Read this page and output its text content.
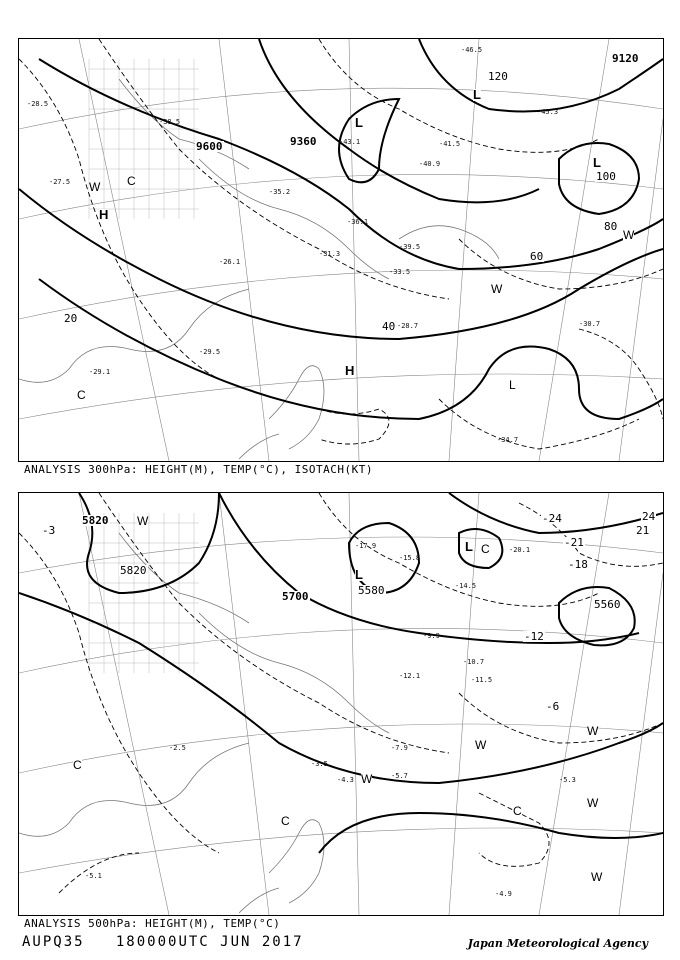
9600	9360
9120
20
40
60
80
100
120
H
H
L
L
L
C
W
W
W
C
L
-28.5
-27.5
-26.1
-29.1
-31.3
-36.1
-40.9
-41.5
-46.5
-45.3
-33.5
-30.7
-28.7
-34.7
-39.5
-43.1
-35.2
-29.5
-38.5
ANALYSIS 300hPa: HEIGHT(M), TEMP(°C), ISOTACH(KT)
5820
5820
5700	5580
5560
-3
-6
-12
-18
-21
-24
21
24
W
L
C
L
C
W
W
W
C
C
W
W
-5.3
-11.5
-15.8
-14.5
-17.9	-20.1
-5.7
-4.3
-3.5
-2.5
-4.9
-5.1
-10.7
-9.9
-7.9
-12.1
ANALYSIS 500hPa: HEIGHT(M), TEMP(°C)
AUPQ35 180000UTC JUN 2017	Japan Meteorological Agency
